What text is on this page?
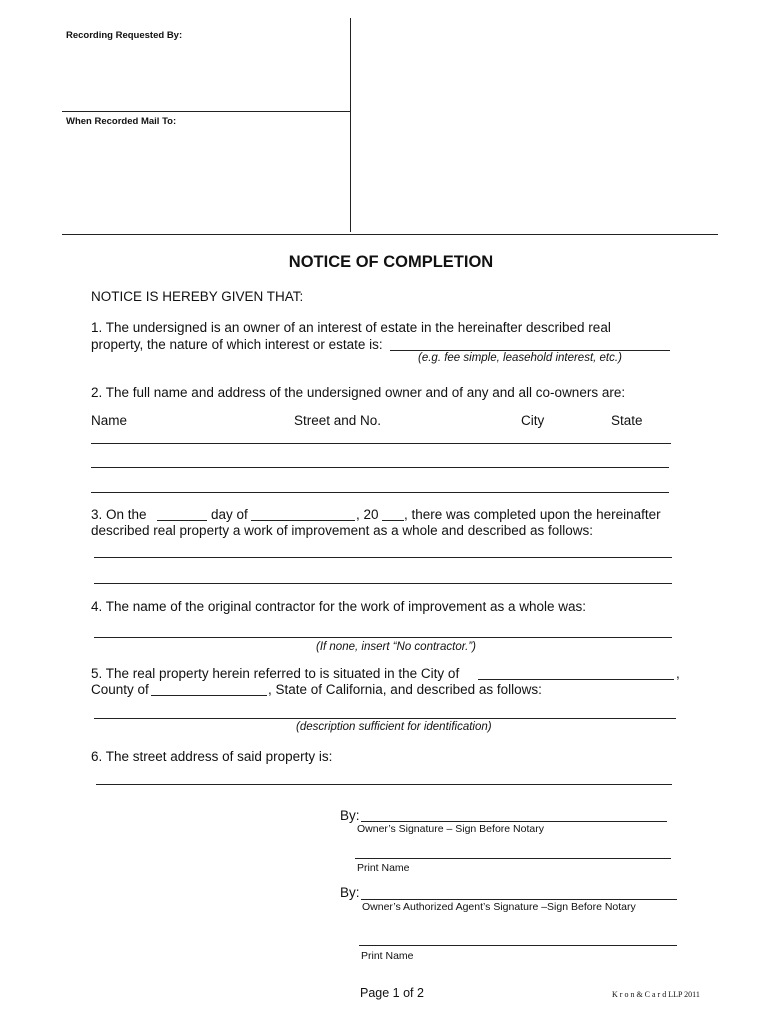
Recording Requested By:
When Recorded Mail To:
NOTICE OF COMPLETION
NOTICE IS HEREBY GIVEN THAT:
1. The undersigned is an owner of an interest of estate in the hereinafter described real
property, the nature of which interest or estate is:
(e.g. fee simple, leasehold interest, etc.)
2. The full name and address of the undersigned owner and of any and all co-owners are:
Name	Street and No.	City	State
3. On the	day of	, 20 , there was completed upon the hereinafter
described real property a work of improvement as a whole and described as follows:
4. The name of the original contractor for the work of improvement as a whole was:
(If none, insert “No contractor.”)
5. The real property herein referred to is situated in the City of	,
County of	, State of California, and described as follows:
(description sufficient for identification)
6. The street address of said property is:
By:
Owner’s Signature – Sign Before Notary
Print Name
By:
Owner’s Authorized Agent’s Signature –Sign Before Notary
Print Name
Page 1 of 2	K r o n & C a r d LLP 2011
